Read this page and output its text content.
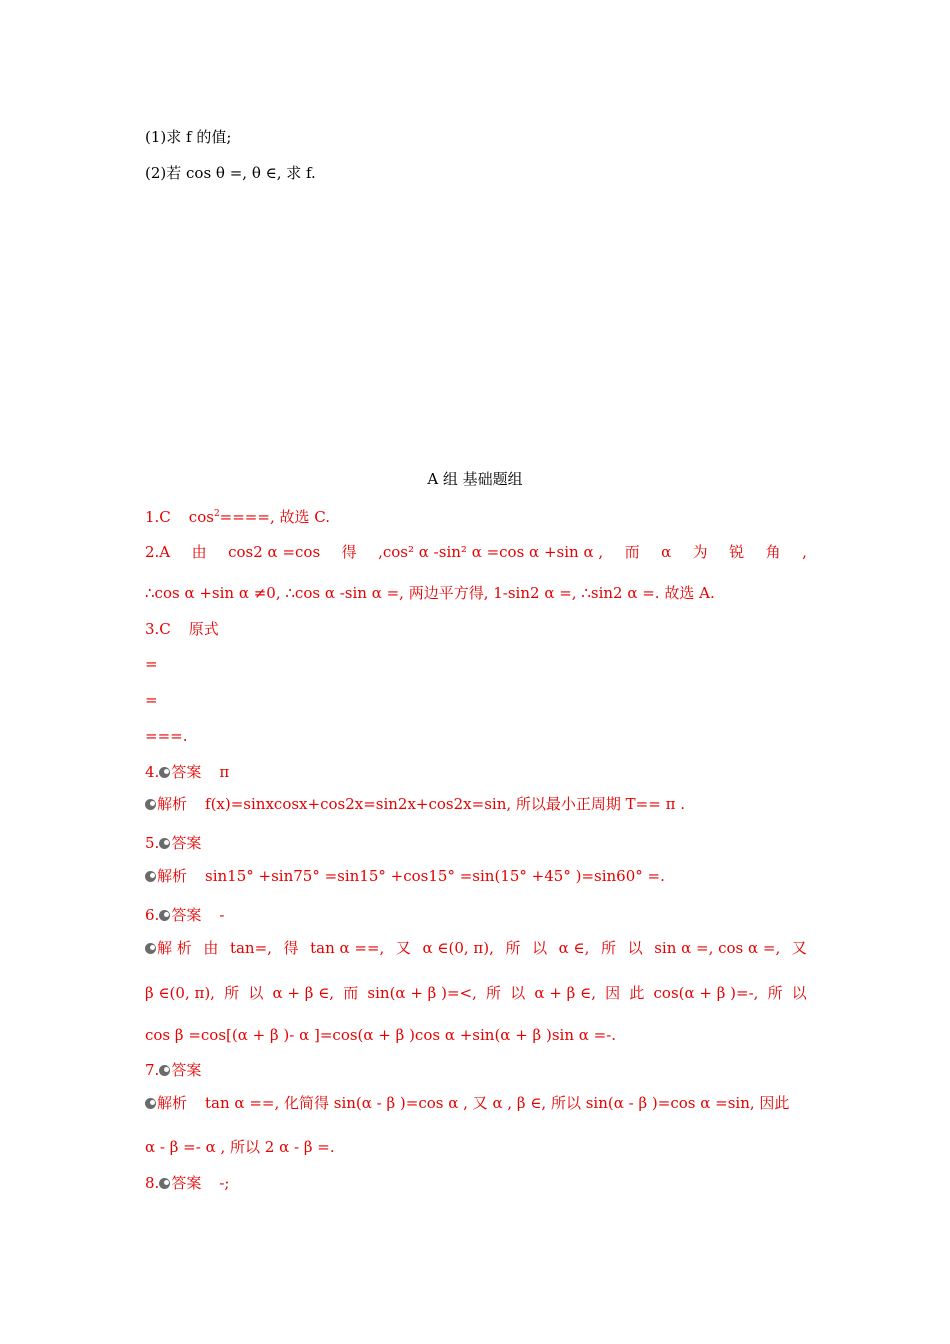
(1)求 f 的值;
(2)若 cos θ =, θ ∈, 求 f.
A 组 基础题组
1.C $\cos^2====$, 故选 C.
2.A 由 cos2 α =cos 得 ,cos² α -sin² α =cos α +sin α , 而 α 为 锐 角 ,
∴cos α +sin α ≠0, ∴cos α -sin α =, 两边平方得, 1-sin2 α =, ∴sin2 α =. 故选 A.
3.C 原式
=
=
===.
4. 答案 π
解析 f(x)=sinxcosx+cos2x=sin2x+cos2x=sin, 所以最小正周期 T== π .
5. 答案
解析 sin15° +sin75° =sin15° +cos15° =sin(15° +45° )=sin60° =.
6. 答案 -
解 析 由 tan=, 得 tan α ==, 又 α ∈(0, π), 所 以 α ∈, 所 以 sin α =, cos α =, 又
β ∈(0, π), 所 以 α + β ∈, 而 sin(α + β )=<, 所 以 α + β ∈, 因 此 cos(α + β )=-, 所 以
cos β =cos[(α + β )- α ]=cos(α + β )cos α +sin(α + β )sin α =-.
7. 答案
解析 tan α ==, 化简得 sin(α - β )=cos α , 又 α , β ∈, 所以 sin(α - β )=cos α =sin, 因此
α - β =- α , 所以 2 α - β =.
8. 答案 -;
